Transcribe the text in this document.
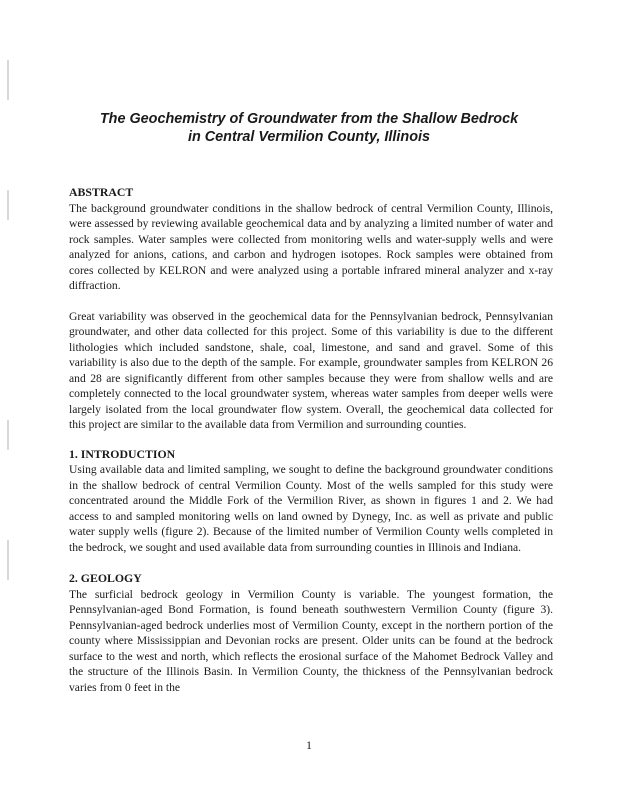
The Geochemistry of Groundwater from the Shallow Bedrock
in Central Vermilion County, Illinois

ABSTRACT

The background groundwater conditions in the shallow bedrock of central Vermilion County, Illinois, were assessed by reviewing available geochemical data and by analyzing a limited number of water and rock samples. Water samples were collected from monitoring wells and water-supply wells and were analyzed for anions, cations, and carbon and hydrogen isotopes. Rock samples were obtained from cores collected by KELRON and were analyzed using a portable infrared mineral analyzer and x-ray diffraction.

Great variability was observed in the geochemical data for the Pennsylvanian bedrock, Pennsylvanian groundwater, and other data collected for this project. Some of this variability is due to the different lithologies which included sandstone, shale, coal, limestone, and sand and gravel. Some of this variability is also due to the depth of the sample. For example, groundwater samples from KELRON 26 and 28 are significantly different from other samples because they were from shallow wells and are completely connected to the local groundwater system, whereas water samples from deeper wells were largely isolated from the local groundwater flow system. Overall, the geochemical data collected for this project are similar to the available data from Vermilion and surrounding counties.

1. INTRODUCTION

Using available data and limited sampling, we sought to define the background groundwater conditions in the shallow bedrock of central Vermilion County. Most of the wells sampled for this study were concentrated around the Middle Fork of the Vermilion River, as shown in figures 1 and 2. We had access to and sampled monitoring wells on land owned by Dynegy, Inc. as well as private and public water supply wells (figure 2). Because of the limited number of Vermilion County wells completed in the bedrock, we sought and used available data from surrounding counties in Illinois and Indiana.

2. GEOLOGY

The surficial bedrock geology in Vermilion County is variable. The youngest formation, the Pennsylvanian-aged Bond Formation, is found beneath southwestern Vermilion County (figure 3). Pennsylvanian-aged bedrock underlies most of Vermilion County, except in the northern portion of the county where Mississippian and Devonian rocks are present. Older units can be found at the bedrock surface to the west and north, which reflects the erosional surface of the Mahomet Bedrock Valley and the structure of the Illinois Basin. In Vermilion County, the thickness of the Pennsylvanian bedrock varies from 0 feet in the

1
